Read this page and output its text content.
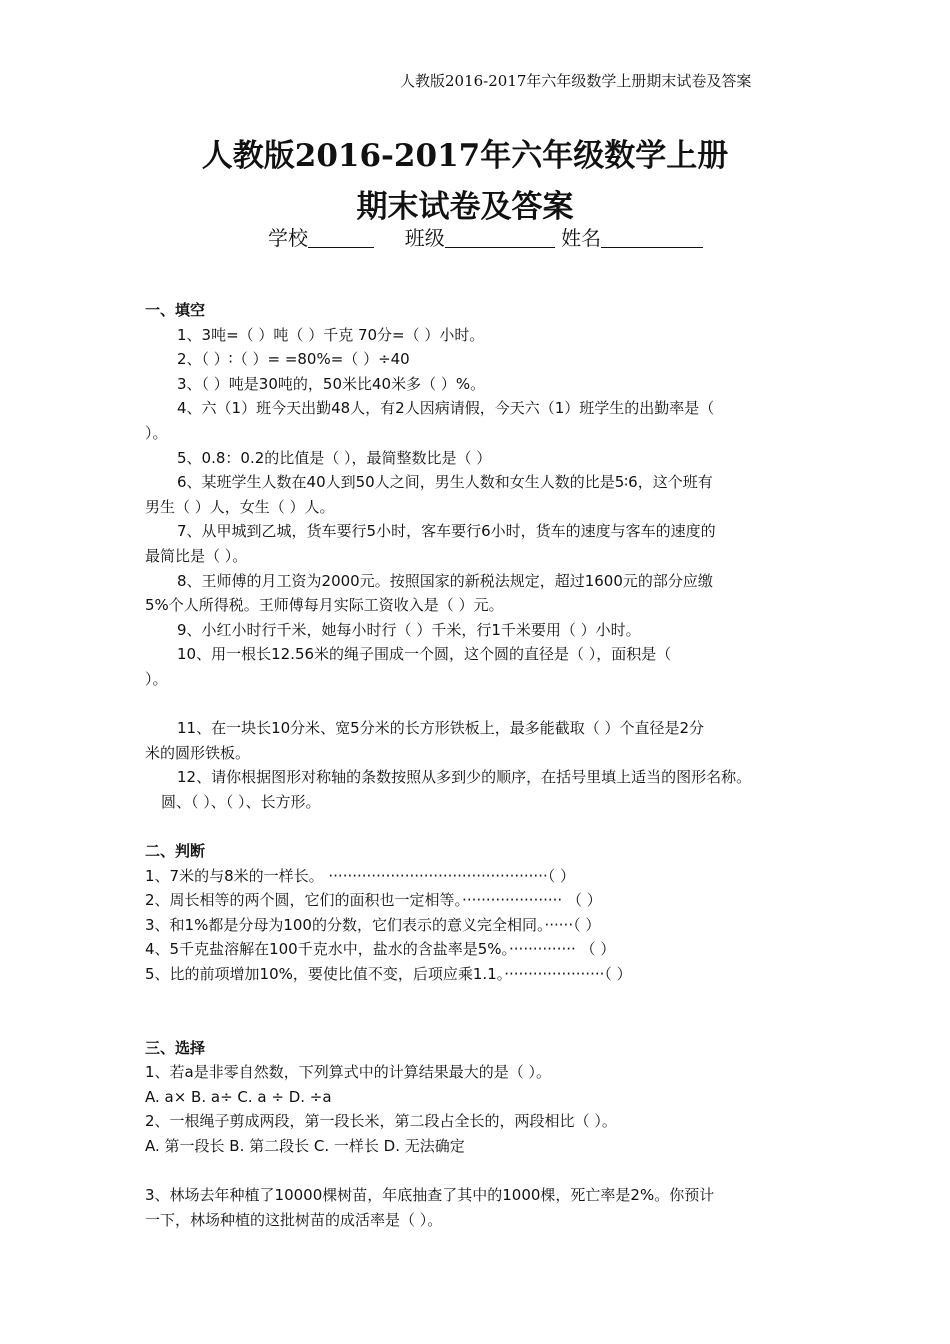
人教版2016-2017年六年级数学上册期末试卷及答案
人教版2016-2017年六年级数学上册
期末试卷及答案
学校	班级	姓名
一、填空
1、3吨=（ ）吨（ ）千克 70分=（ ）小时。
2、（ ）∶（ ）= =80%=（ ）÷40
3、（ ）吨是30吨的，50米比40米多（ ）%。
4、六（1）班今天出勤48人，有2人因病请假，今天六（1）班学生的出勤率是（
）。
5、0.8：0.2的比值是（ ），最简整数比是（ ）
6、某班学生人数在40人到50人之间，男生人数和女生人数的比是5∶6，这个班有
男生（ ）人，女生（ ）人。
7、从甲城到乙城，货车要行5小时，客车要行6小时，货车的速度与客车的速度的
最简比是（ ）。
8、王师傅的月工资为2000元。按照国家的新税法规定，超过1600元的部分应缴
5%个人所得税。王师傅每月实际工资收入是（ ）元。
9、小红小时行千米，她每小时行（ ）千米，行1千米要用（ ）小时。
10、用一根长12.56米的绳子围成一个圆，这个圆的直径是（ ），面积是（
）。
11、在一块长10分米、宽5分米的长方形铁板上，最多能截取（ ）个直径是2分
米的圆形铁板。
12、请你根据图形对称轴的条数按照从多到少的顺序，在括号里填上适当的图形名称。
圆、（ ）、（ ）、长方形。
二、判断
1、7米的与8米的一样长。 ··············································（ ）
2、周长相等的两个圆，它们的面积也一定相等。····················· （ ）
3、和1%都是分母为100的分数，它们表示的意义完全相同。······（ ）
4、5千克盐溶解在100千克水中，盐水的含盐率是5%。·············· （ ）
5、比的前项增加10%，要使比值不变，后项应乘1.1。·····················（ ）
三、选择
1、若a是非零自然数，下列算式中的计算结果最大的是（ ）。
A. a× B. a÷ C. a ÷ D. ÷a
2、一根绳子剪成两段，第一段长米，第二段占全长的，两段相比（ ）。
A. 第一段长 B. 第二段长 C. 一样长 D. 无法确定
3、林场去年种植了10000棵树苗，年底抽查了其中的1000棵，死亡率是2%。你预计
一下，林场种植的这批树苗的成活率是（ ）。
